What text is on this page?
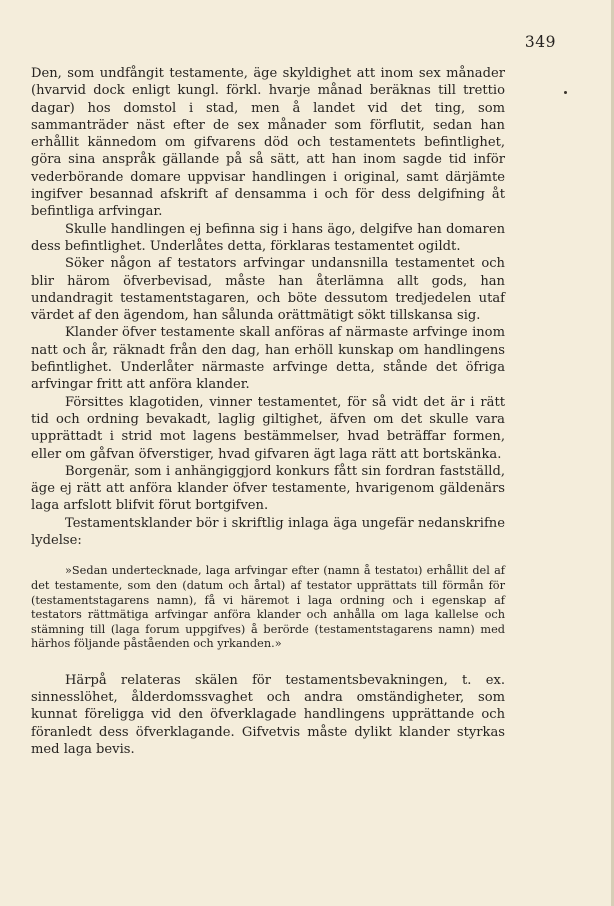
349

Den, som undfångit testamente, äge skyldighet att inom sex månader (hvarvid dock enligt kungl. förkl. hvarje månad beräknas till trettio dagar) hos domstol i stad, men å landet vid det ting, som sammanträder näst efter de sex månader som förflutit, sedan han erhållit kännedom om gifvarens död och testamentets befintlighet, göra sina anspråk gällande på så sätt, att han inom sagde tid inför vederbörande domare uppvisar handlingen i original, samt därjämte ingifver besannad afskrift af densamma i och för dess delgifning åt befintliga arfvingar.

Skulle handlingen ej befinna sig i hans ägo, delgifve han domaren dess befintlighet. Underlåtes detta, förklaras testamentet ogildt.

Söker någon af testators arfvingar undansnilla testamentet och blir härom öfverbevisad, måste han återlämna allt gods, han undandragit testamentstagaren, och böte dessutom tredjedelen utaf värdet af den ägendom, han sålunda orättmätigt sökt tillskansa sig.

Klander öfver testamente skall anföras af närmaste arfvinge inom natt och år, räknadt från den dag, han erhöll kunskap om handlingens befintlighet. Underlåter närmaste arfvinge detta, stånde det öfriga arfvingar fritt att anföra klander.

Försittes klagotiden, vinner testamentet, för så vidt det är i rätt tid och ordning bevakadt, laglig giltighet, äfven om det skulle vara upprättadt i strid mot lagens bestämmelser, hvad beträffar formen, eller om gåfvan öfverstiger, hvad gifvaren ägt laga rätt att bortskänka.

Borgenär, som i anhängiggjord konkurs fått sin fordran fastställd, äge ej rätt att anföra klander öfver testamente, hvarigenom gäldenärs laga arfslott blifvit förut bortgifven.

Testamentsklander bör i skriftlig inlaga äga ungefär nedanskrifne lydelse:

»Sedan undertecknade, laga arfvingar efter (namn å testatoı) erhållit del af det testamente, som den (datum och årtal) af testator upprättats till förmån för (testamentstagarens namn), få vi häremot i laga ordning och i egenskap af testators rättmätiga arfvingar anföra klander och anhålla om laga kallelse och stämning till (laga forum uppgifves) å berörde (testamentstagarens namn) med härhos följande påståenden och yrkanden.»

Härpå relateras skälen för testamentsbevakningen, t. ex. sinnesslöhet, ålderdomssvaghet och andra omständigheter, som kunnat föreligga vid den öfverklagade handlingens upprättande och föranledt dess öfverklagande. Gifvetvis måste dylikt klander styrkas med laga bevis.
